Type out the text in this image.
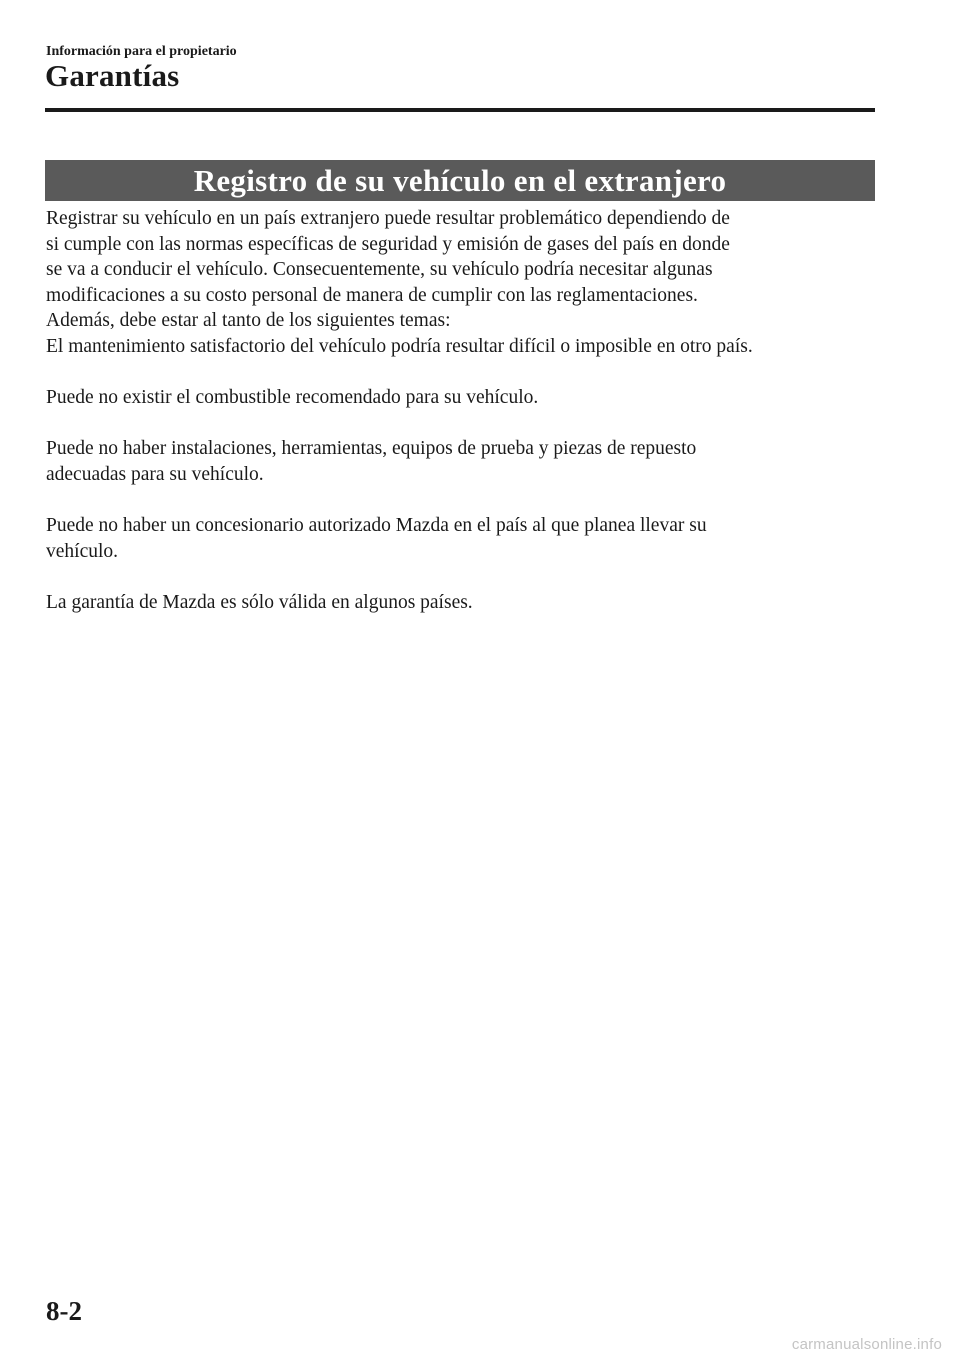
Información para el propietario
Garantías
Registro de su vehículo en el extranjero

Registrar su vehículo en un país extranjero puede resultar problemático dependiendo de

si cumple con las normas específicas de seguridad y emisión de gases del país en donde

se va a conducir el vehículo. Consecuentemente, su vehículo podría necesitar algunas

modificaciones a su costo personal de manera de cumplir con las reglamentaciones.

Además, debe estar al tanto de los siguientes temas:

El mantenimiento satisfactorio del vehículo podría resultar difícil o imposible en otro país.

Puede no existir el combustible recomendado para su vehículo.

Puede no haber instalaciones, herramientas, equipos de prueba y piezas de repuesto

adecuadas para su vehículo.

Puede no haber un concesionario autorizado Mazda en el país al que planea llevar su

vehículo.

La garantía de Mazda es sólo válida en algunos países.

8-2
carmanualsonline.info
